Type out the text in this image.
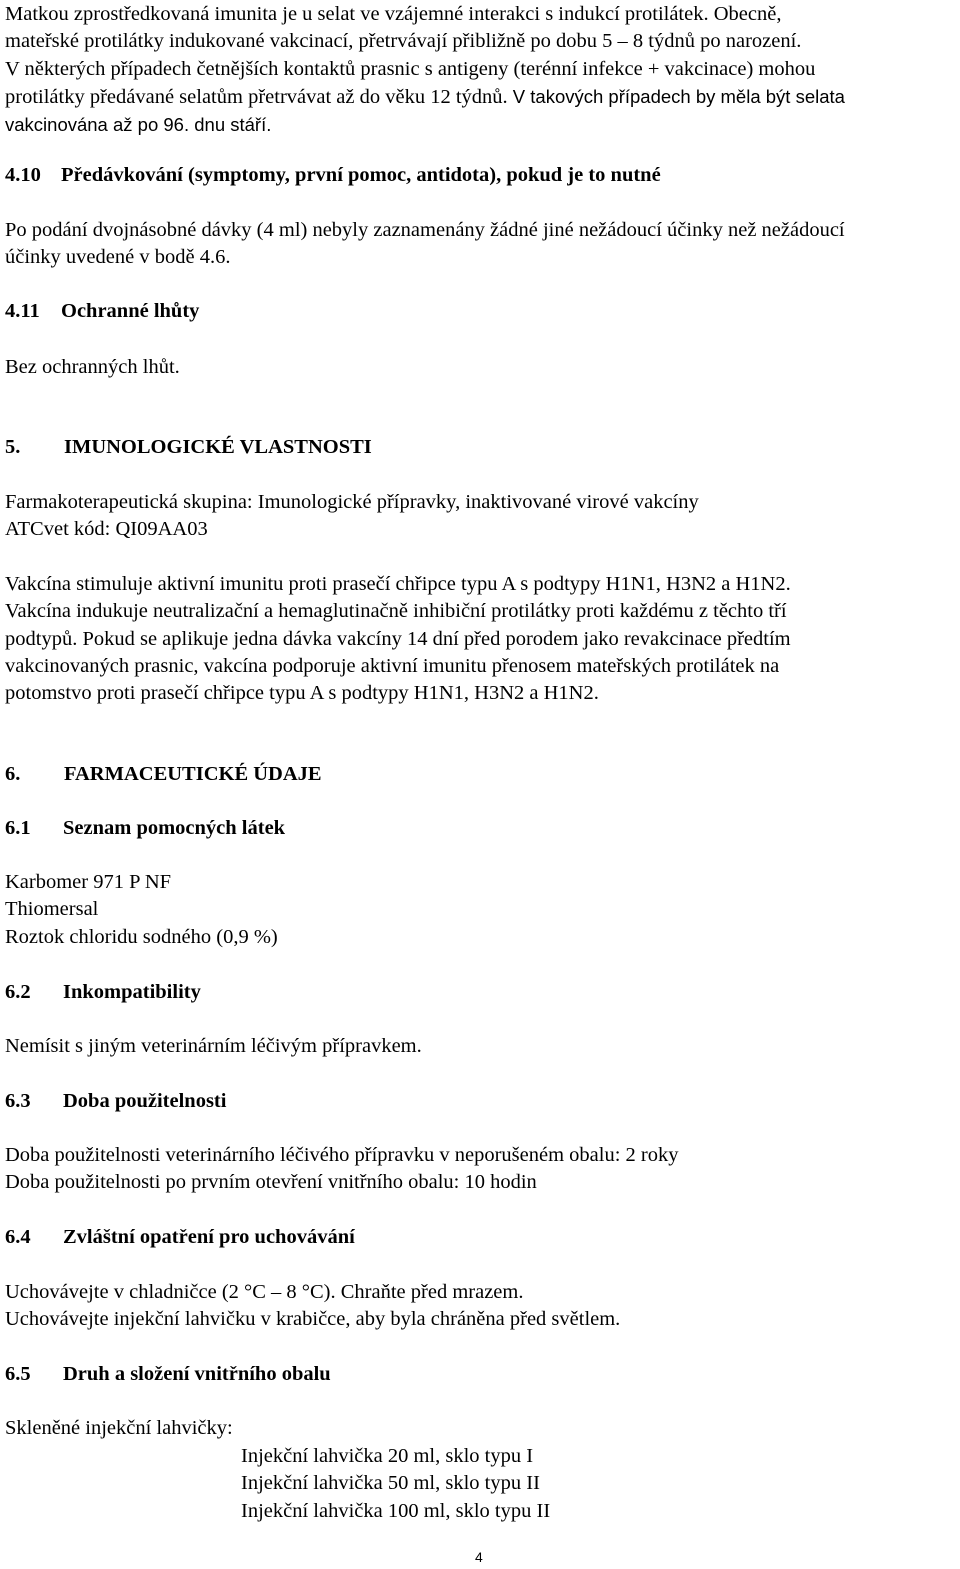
Matkou zprostředkovaná imunita je u selat ve vzájemné interakci s indukcí protilátek. Obecně,
mateřské protilátky indukované vakcinací, přetrvávají přibližně po dobu 5 – 8 týdnů po narození.
V některých případech četnějších kontaktů prasnic s antigeny (terénní infekce + vakcinace) mohou
protilátky předávané selatům přetrvávat až do věku 12 týdnů. V takových případech by měla být selata
vakcinována až po 96. dnu stáří.
4.10 Předávkování (symptomy, první pomoc, antidota), pokud je to nutné
Po podání dvojnásobné dávky (4 ml) nebyly zaznamenány žádné jiné nežádoucí účinky než nežádoucí
účinky uvedené v bodě 4.6.
4.11 Ochranné lhůty
Bez ochranných lhůt.
5. IMUNOLOGICKÉ VLASTNOSTI
Farmakoterapeutická skupina: Imunologické přípravky, inaktivované virové vakcíny
ATCvet kód: QI09AA03
Vakcína stimuluje aktivní imunitu proti prasečí chřipce typu A s podtypy H1N1, H3N2 a H1N2.
Vakcína indukuje neutralizační a hemaglutinačně inhibiční protilátky proti každému z těchto tří
podtypů. Pokud se aplikuje jedna dávka vakcíny 14 dní před porodem jako revakcinace předtím
vakcinovaných prasnic, vakcína podporuje aktivní imunitu přenosem mateřských protilátek na
potomstvo proti prasečí chřipce typu A s podtypy H1N1, H3N2 a H1N2.
6. FARMACEUTICKÉ ÚDAJE
6.1 Seznam pomocných látek
Karbomer 971 P NF
Thiomersal
Roztok chloridu sodného (0,9 %)
6.2 Inkompatibility
Nemísit s jiným veterinárním léčivým přípravkem.
6.3 Doba použitelnosti
Doba použitelnosti veterinárního léčivého přípravku v neporušeném obalu: 2 roky
Doba použitelnosti po prvním otevření vnitřního obalu: 10 hodin
6.4 Zvláštní opatření pro uchovávání
Uchovávejte v chladničce (2 °C – 8 °C). Chraňte před mrazem.
Uchovávejte injekční lahvičku v krabičce, aby byla chráněna před světlem.
6.5 Druh a složení vnitřního obalu
Skleněné injekční lahvičky:
Injekční lahvička 20 ml, sklo typu I
Injekční lahvička 50 ml, sklo typu II
Injekční lahvička 100 ml, sklo typu II
4
